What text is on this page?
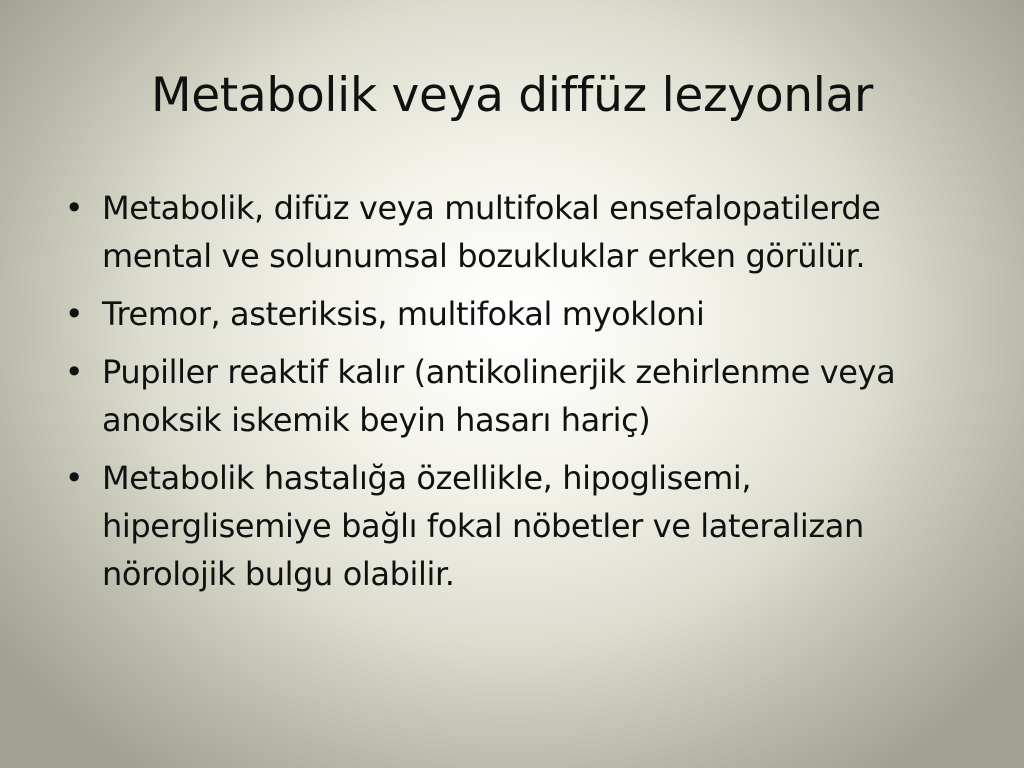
Metabolik veya diffüz lezyonlar
• Metabolik, difüz veya multifokal ensefalopatilerde mental ve solunumsal bozukluklar erken görülür.
• Tremor, asteriksis, multifokal myokloni
• Pupiller reaktif kalır (antikolinerjik zehirlenme veya anoksik iskemik beyin hasarı hariç)
• Metabolik hastalığa özellikle, hipoglisemi, hiperglisemiye bağlı fokal nöbetler ve lateralizan nörolojik bulgu olabilir.
